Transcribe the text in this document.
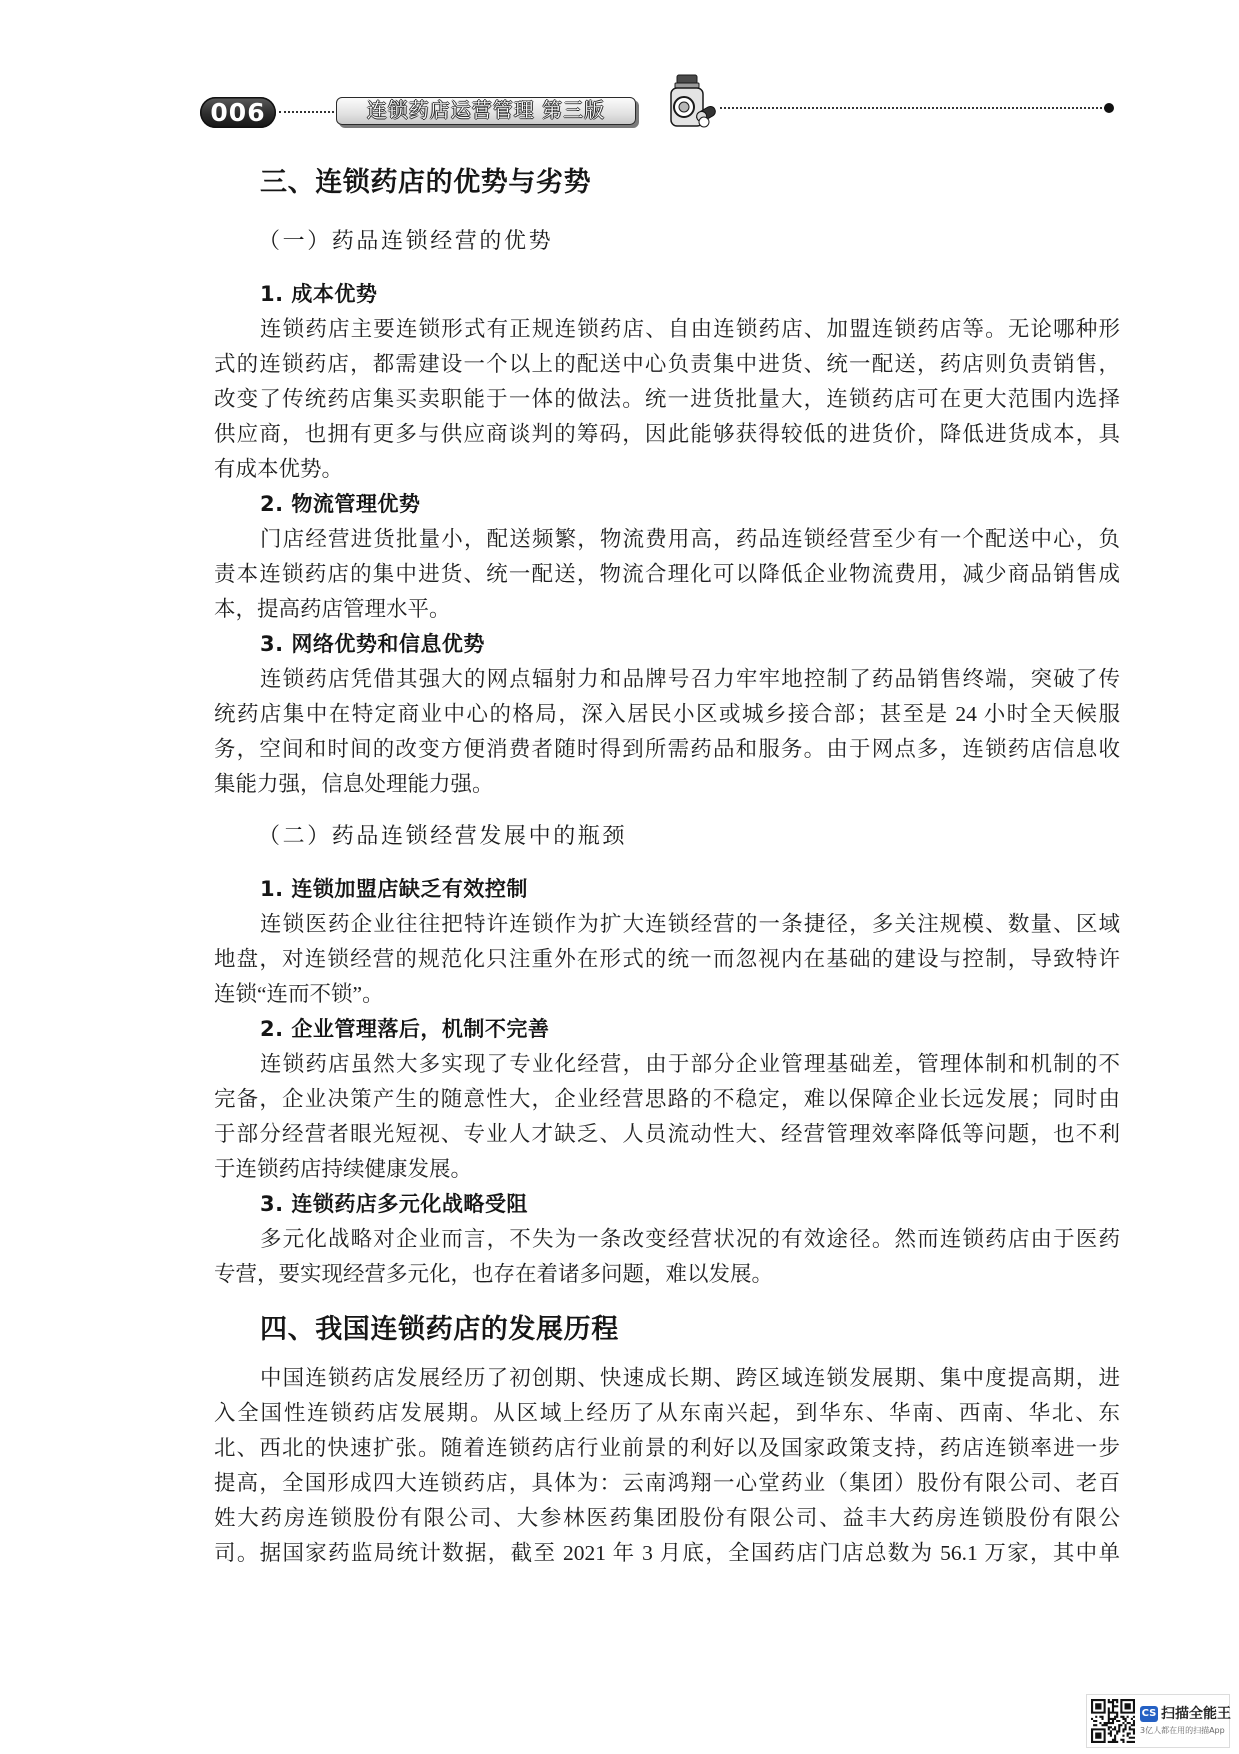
006	连锁药店运营管理 第三版
三、连锁药店的优势与劣势
（一）药品连锁经营的优势
1. 成本优势
连锁药店主要连锁形式有正规连锁药店、自由连锁药店、加盟连锁药店等。无论哪种形
式的连锁药店，都需建设一个以上的配送中心负责集中进货、统一配送，药店则负责销售，
改变了传统药店集买卖职能于一体的做法。统一进货批量大，连锁药店可在更大范围内选择
供应商，也拥有更多与供应商谈判的筹码，因此能够获得较低的进货价，降低进货成本，具
有成本优势。
2. 物流管理优势
门店经营进货批量小，配送频繁，物流费用高，药品连锁经营至少有一个配送中心，负
责本连锁药店的集中进货、统一配送，物流合理化可以降低企业物流费用，减少商品销售成
本，提高药店管理水平。
3. 网络优势和信息优势
连锁药店凭借其强大的网点辐射力和品牌号召力牢牢地控制了药品销售终端，突破了传
统药店集中在特定商业中心的格局，深入居民小区或城乡接合部；甚至是 24 小时全天候服
务，空间和时间的改变方便消费者随时得到所需药品和服务。由于网点多，连锁药店信息收
集能力强，信息处理能力强。
（二）药品连锁经营发展中的瓶颈
1. 连锁加盟店缺乏有效控制
连锁医药企业往往把特许连锁作为扩大连锁经营的一条捷径，多关注规模、数量、区域
地盘，对连锁经营的规范化只注重外在形式的统一而忽视内在基础的建设与控制，导致特许
连锁“连而不锁”。
2. 企业管理落后，机制不完善
连锁药店虽然大多实现了专业化经营，由于部分企业管理基础差，管理体制和机制的不
完备，企业决策产生的随意性大，企业经营思路的不稳定，难以保障企业长远发展；同时由
于部分经营者眼光短视、专业人才缺乏、人员流动性大、经营管理效率降低等问题，也不利
于连锁药店持续健康发展。
3. 连锁药店多元化战略受阻
多元化战略对企业而言，不失为一条改变经营状况的有效途径。然而连锁药店由于医药
专营，要实现经营多元化，也存在着诸多问题，难以发展。
四、我国连锁药店的发展历程
中国连锁药店发展经历了初创期、快速成长期、跨区域连锁发展期、集中度提高期，进
入全国性连锁药店发展期。从区域上经历了从东南兴起，到华东、华南、西南、华北、东
北、西北的快速扩张。随着连锁药店行业前景的利好以及国家政策支持，药店连锁率进一步
提高，全国形成四大连锁药店，具体为：云南鸿翔一心堂药业（集团）股份有限公司、老百
姓大药房连锁股份有限公司、大参林医药集团股份有限公司、益丰大药房连锁股份有限公
司。据国家药监局统计数据，截至 2021 年 3 月底，全国药店门店总数为 56.1 万家，其中单
CS 扫描全能王
3亿人都在用的扫描App
